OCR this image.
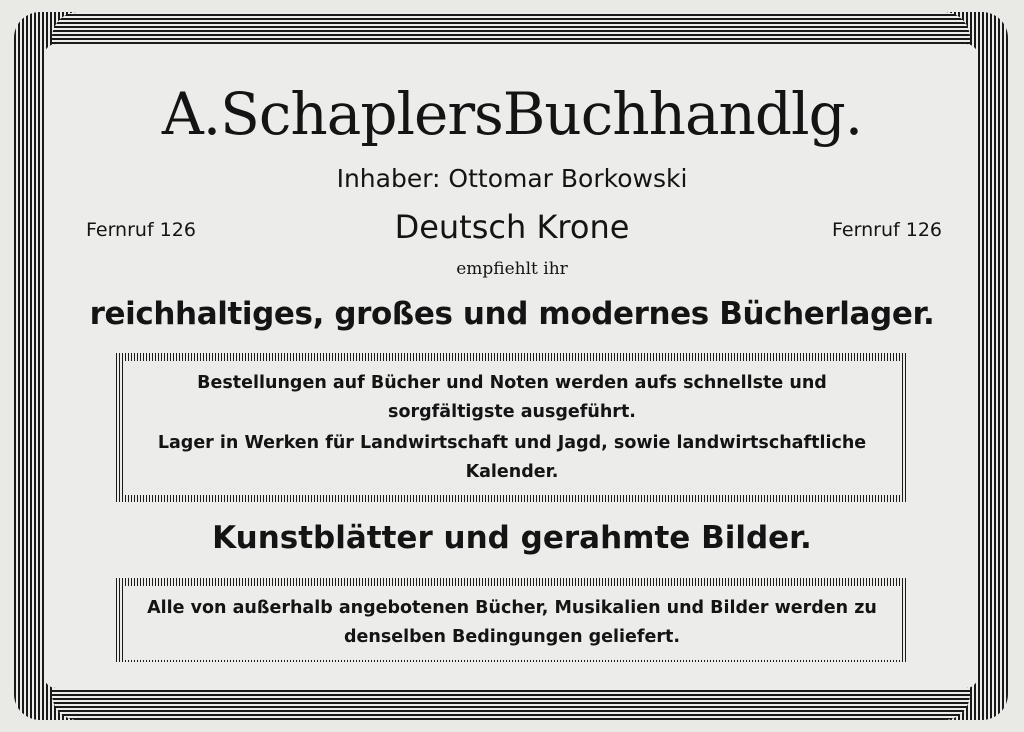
A.SchaplersBuchhandlg.
Inhaber: Ottomar Borkowski
Fernruf 126	Deutsch Krone	Fernruf 126
empfiehlt ihr
reichhaltiges, großes und modernes Bücherlager.

Bestellungen auf Bücher und Noten werden aufs schnellste und sorgfältigste ausgeführt.

Lager in Werken für Landwirtschaft und Jagd, sowie landwirtschaftliche Kalender.

Kunstblätter und gerahmte Bilder.

Alle von außerhalb angebotenen Bücher, Musikalien und Bilder werden zu denselben Bedingungen geliefert.
